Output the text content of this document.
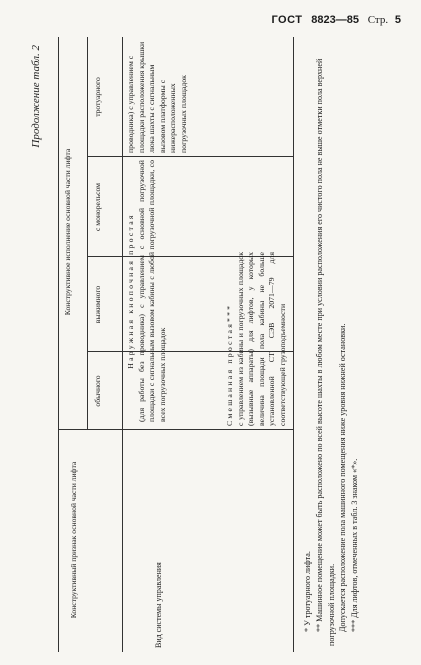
ГОСТ 8823—85 Стр. 5
Продолжение табл. 2
Конструктивный признак основной части лифта
Конструктивное исполнение основной части лифта
обычного
выжимного
с монорельсом
тротуарного
Вид системы управления
Наружная кнопочная простая (для работы без проводника) с управлением с основной погрузочной площадки с сигнальным вызовом кабины с любой погрузочной площадки, со всех погрузочных площадок
проводника) с управлением с площадки расположения крышки люка шахты с сигнальным вызовом платформы с нижерасположенных погрузочных площадок
Смешанная простая*** с управлением из кабины и погрузочных площадок (вызывные аппараты) для лифтов, у которых величина площади пола кабины не больше установленной СТ СЭВ 2071—79 для соответствующей грузоподъемности

* У тротуарного лифта. ** Машинное помещение может быть расположено по всей высоте шахты в любом месте при условии расположения его чистого пола не выше отметки пола верхней погрузочной площадки. Допускается расположение пола машинного помещения ниже уровня нижней остановки. *** Для лифтов, отмеченных в табл. 3 знаком «*».
